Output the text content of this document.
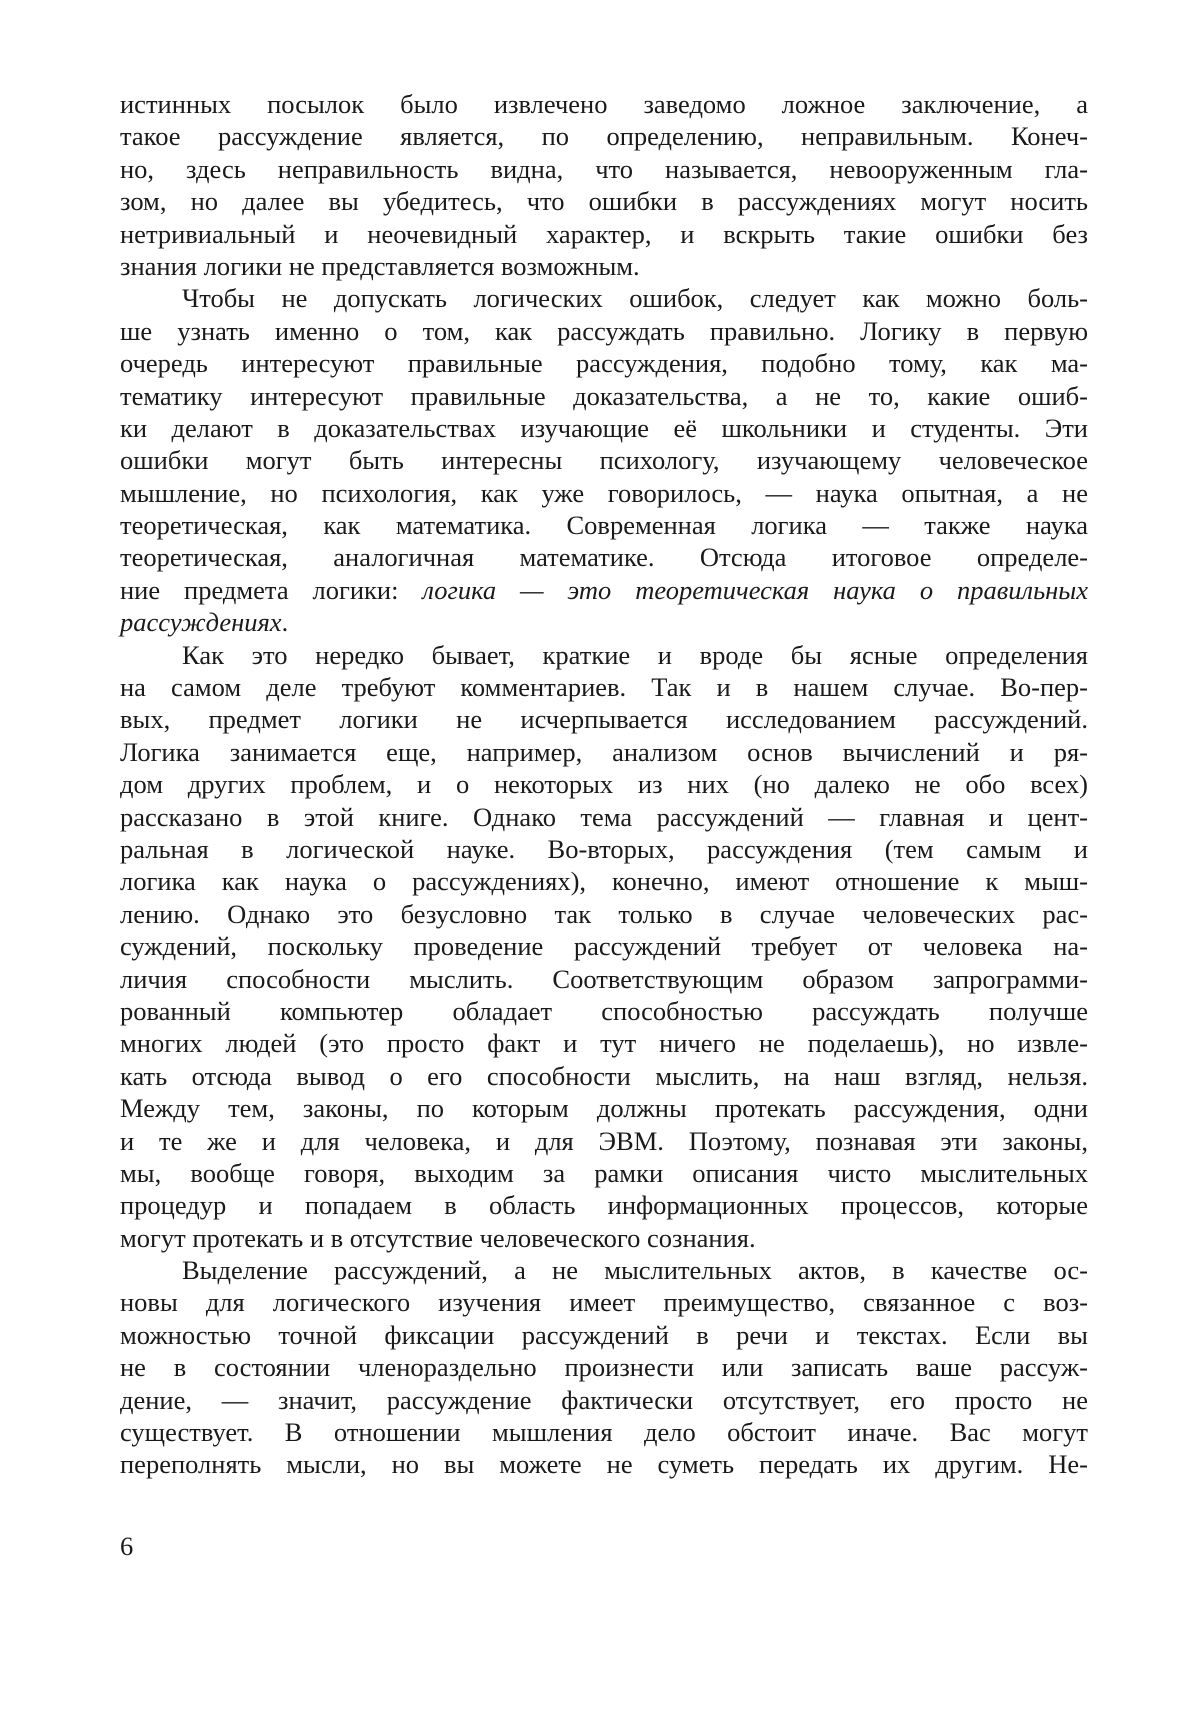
истинных посылок было извлечено заведомо ложное заключение, а
такое рассуждение является, по определению, неправильным. Конеч-
но, здесь неправильность видна, что называется, невооруженным гла-
зом, но далее вы убедитесь, что ошибки в рассуждениях могут носить
нетривиальный и неочевидный характер, и вскрыть такие ошибки без
знания логики не представляется возможным.
Чтобы не допускать логических ошибок, следует как можно боль-
ше узнать именно о том, как рассуждать правильно. Логику в первую
очередь интересуют правильные рассуждения, подобно тому, как ма-
тематику интересуют правильные доказательства, а не то, какие ошиб-
ки делают в доказательствах изучающие её школьники и студенты. Эти
ошибки могут быть интересны психологу, изучающему человеческое
мышление, но психология, как уже говорилось, — наука опытная, а не
теоретическая, как математика. Современная логика — также наука
теоретическая, аналогичная математике. Отсюда итоговое определе-
ние предмета логики: логика — это теоретическая наука о правильных
рассуждениях.
Как это нередко бывает, краткие и вроде бы ясные определения
на самом деле требуют комментариев. Так и в нашем случае. Во-пер-
вых, предмет логики не исчерпывается исследованием рассуждений.
Логика занимается еще, например, анализом основ вычислений и ря-
дом других проблем, и о некоторых из них (но далеко не обо всех)
рассказано в этой книге. Однако тема рассуждений — главная и цент-
ральная в логической науке. Во-вторых, рассуждения (тем самым и
логика как наука о рассуждениях), конечно, имеют отношение к мыш-
лению. Однако это безусловно так только в случае человеческих рас-
суждений, поскольку проведение рассуждений требует от человека на-
личия способности мыслить. Соответствующим образом запрограмми-
рованный компьютер обладает способностью рассуждать получше
многих людей (это просто факт и тут ничего не поделаешь), но извле-
кать отсюда вывод о его способности мыслить, на наш взгляд, нельзя.
Между тем, законы, по которым должны протекать рассуждения, одни
и те же и для человека, и для ЭВМ. Поэтому, познавая эти законы,
мы, вообще говоря, выходим за рамки описания чисто мыслительных
процедур и попадаем в область информационных процессов, которые
могут протекать и в отсутствие человеческого сознания.
Выделение рассуждений, а не мыслительных актов, в качестве ос-
новы для логического изучения имеет преимущество, связанное с воз-
можностью точной фиксации рассуждений в речи и текстах. Если вы
не в состоянии членораздельно произнести или записать ваше рассуж-
дение, — значит, рассуждение фактически отсутствует, его просто не
существует. В отношении мышления дело обстоит иначе. Вас могут
переполнять мысли, но вы можете не суметь передать их другим. Не-
6
